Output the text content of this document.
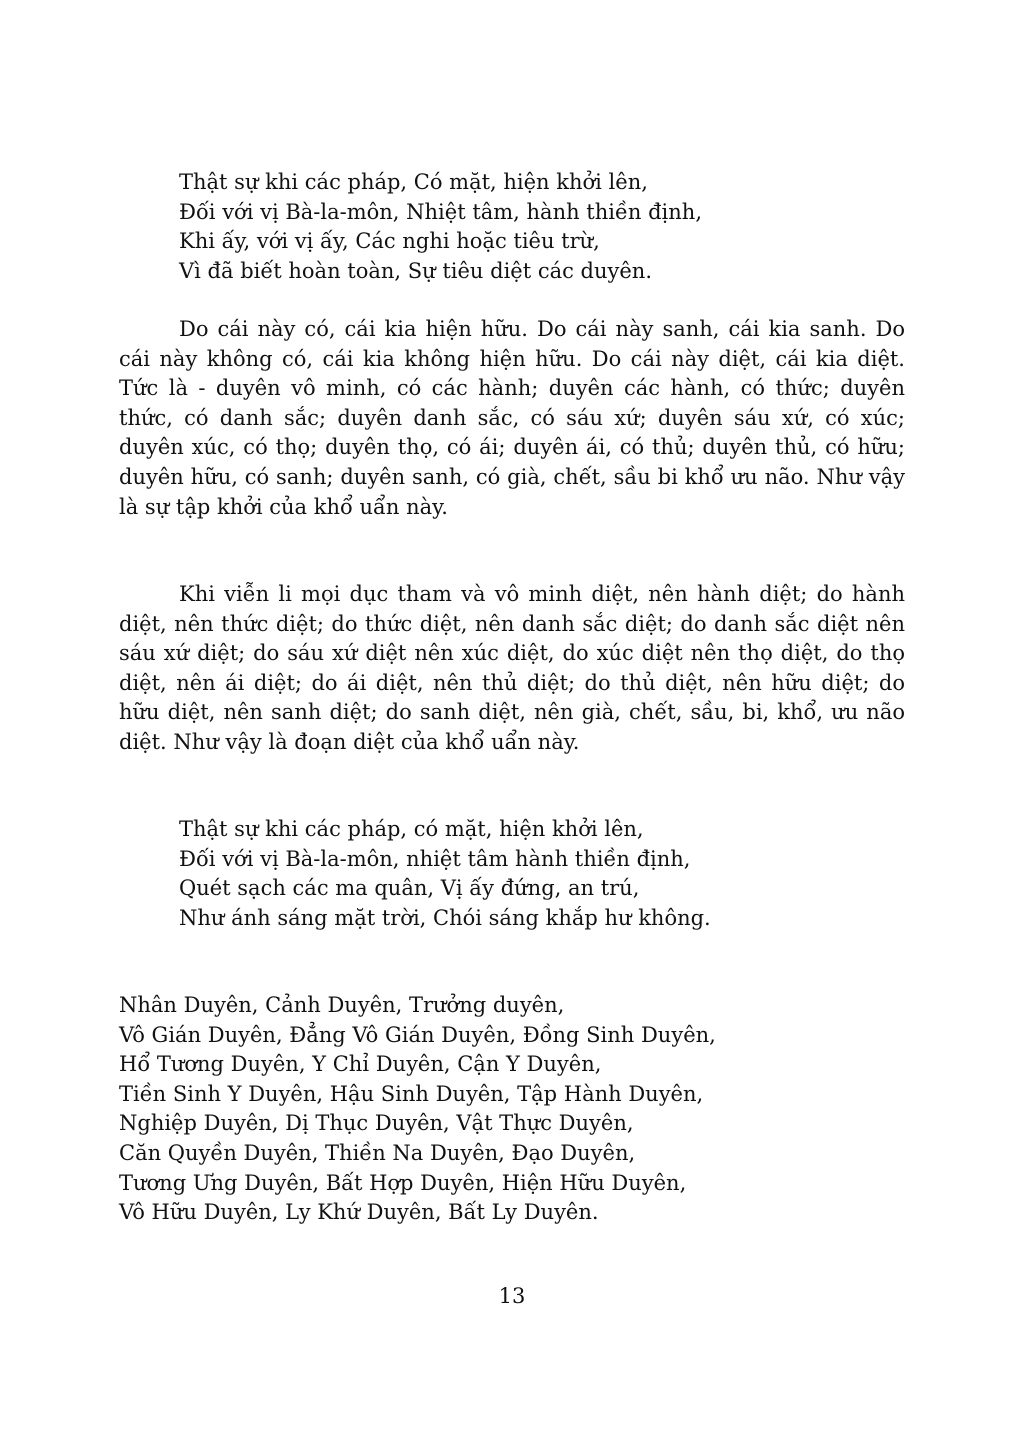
Thật sự khi các pháp, Có mặt, hiện khởi lên,
Đối với vị Bà-la-môn, Nhiệt tâm, hành thiền định,
Khi ấy, với vị ấy, Các nghi hoặc tiêu trừ,
Vì đã biết hoàn toàn, Sự tiêu diệt các duyên.

Do cái này có, cái kia hiện hữu. Do cái này sanh, cái kia sanh. Do cái này không có, cái kia không hiện hữu. Do cái này diệt, cái kia diệt. Tức là - duyên vô minh, có các hành; duyên các hành, có thức; duyên thức, có danh sắc; duyên danh sắc, có sáu xứ; duyên sáu xứ, có xúc; duyên xúc, có thọ; duyên thọ, có ái; duyên ái, có thủ; duyên thủ, có hữu; duyên hữu, có sanh; duyên sanh, có già, chết, sầu bi khổ ưu não. Như vậy là sự tập khởi của khổ uẩn này.

Khi viễn li mọi dục tham và vô minh diệt, nên hành diệt; do hành diệt, nên thức diệt; do thức diệt, nên danh sắc diệt; do danh sắc diệt nên sáu xứ diệt; do sáu xứ diệt nên xúc diệt, do xúc diệt nên thọ diệt, do thọ diệt, nên ái diệt; do ái diệt, nên thủ diệt; do thủ diệt, nên hữu diệt; do hữu diệt, nên sanh diệt; do sanh diệt, nên già, chết, sầu, bi, khổ, ưu não diệt. Như vậy là đoạn diệt của khổ uẩn này.

Thật sự khi các pháp, có mặt, hiện khởi lên,
Đối với vị Bà-la-môn, nhiệt tâm hành thiền định,
Quét sạch các ma quân, Vị ấy đứng, an trú,
Như ánh sáng mặt trời, Chói sáng khắp hư không.
Nhân Duyên, Cảnh Duyên, Trưởng duyên,
Vô Gián Duyên, Đẳng Vô Gián Duyên, Đồng Sinh Duyên,
Hổ Tương Duyên, Y Chỉ Duyên, Cận Y Duyên,
Tiền Sinh Y Duyên, Hậu Sinh Duyên, Tập Hành Duyên,
Nghiệp Duyên, Dị Thục Duyên, Vật Thực Duyên,
Căn Quyền Duyên, Thiền Na Duyên, Đạo Duyên,
Tương Ưng Duyên, Bất Hợp Duyên, Hiện Hữu Duyên,
Vô Hữu Duyên, Ly Khứ Duyên, Bất Ly Duyên.
13
